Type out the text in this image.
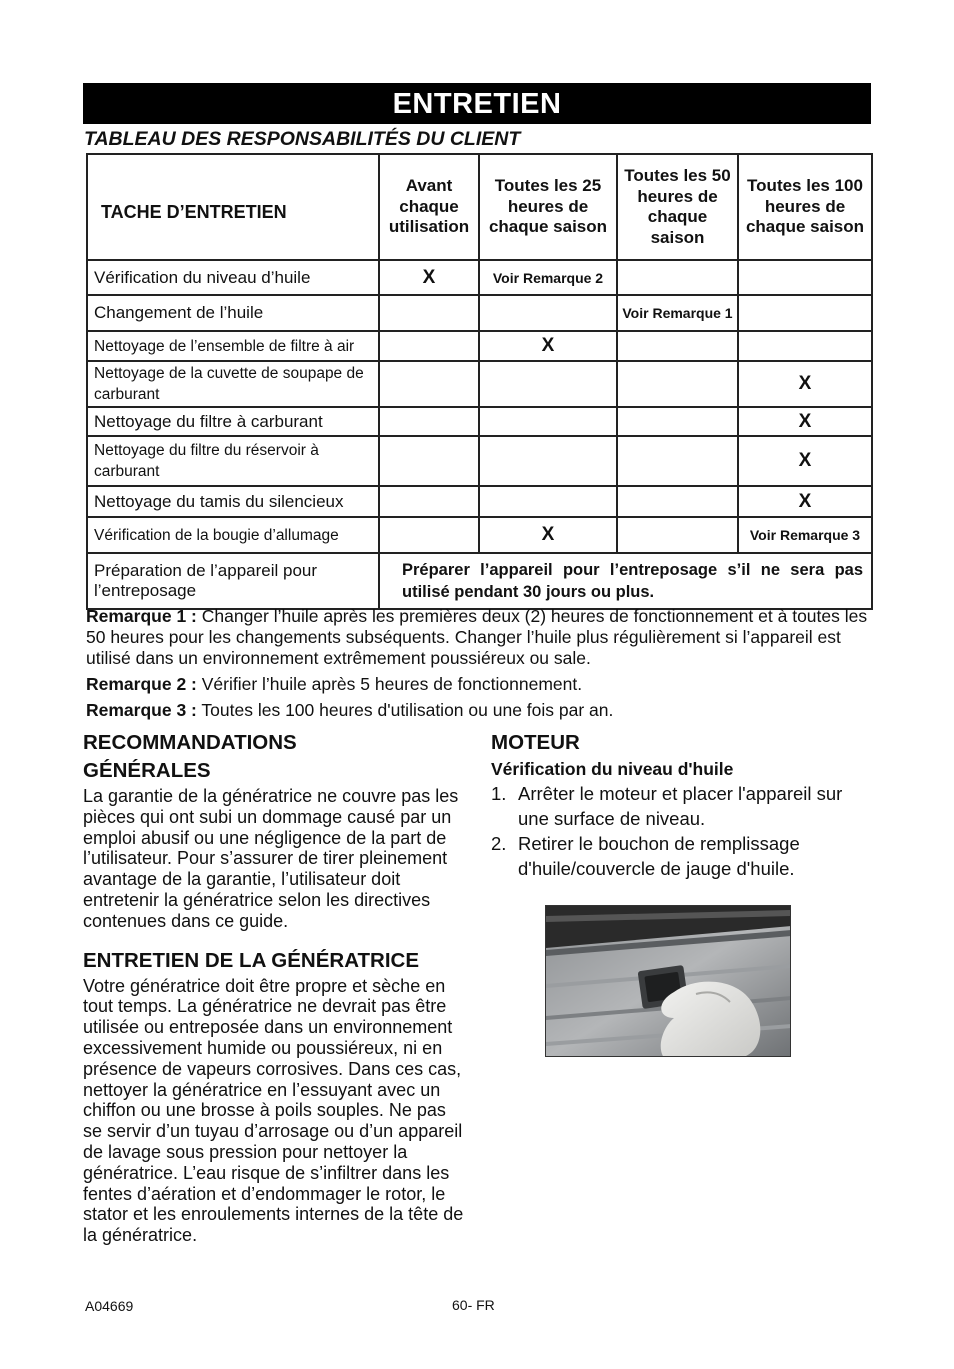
ENTRETIEN
TABLEAU DES RESPONSABILITÉS DU CLIENT
TACHE D’ENTRETIEN	Avant chaque utilisation	Toutes les 25 heures de chaque saison	Toutes les 50 heures de chaque saison	Toutes les 100 heures de chaque saison
Vérification du niveau d’huile	X	Voir Remarque 2		
Changement de l’huile			Voir Remarque 1	
Nettoyage de l’ensemble de filtre à air		X		
Nettoyage de la cuvette de soupape de carburant				X
Nettoyage du filtre à carburant				X
Nettoyage du filtre du réservoir à carburant				X
Nettoyage du tamis du silencieux				X
Vérification de la bougie d’allumage		X		Voir Remarque 3
Préparation de l’appareil pour l’entreposage	Préparer l’appareil pour l’entreposage s’il ne sera pas utilisé pendant 30 jours ou plus.			

Remarque 1 : Changer l’huile après les premières deux (2) heures de fonctionnement et à toutes les 50 heures pour les changements subséquents. Changer l’huile plus régulièrement si l’appareil est utilisé dans un environnement extrêmement poussiéreux ou sale.

Remarque 2 : Vérifier l’huile après 5 heures de fonctionnement.

Remarque 3 : Toutes les 100 heures d'utilisation ou une fois par an.

RECOMMANDATIONS
GÉNÉRALES

La garantie de la génératrice ne couvre pas les pièces qui ont subi un dommage causé par un emploi abusif ou une négligence de la part de l’utilisateur. Pour s’assurer de tirer pleinement avantage de la garantie, l’utilisateur doit entretenir la génératrice selon les directives contenues dans ce guide.

ENTRETIEN DE LA GÉNÉRATRICE

Votre génératrice doit être propre et sèche en tout temps. La génératrice ne devrait pas être utilisée ou entreposée dans un environnement excessivement humide ou poussiéreux, ni en présence de vapeurs corrosives. Dans ces cas, nettoyer la génératrice en l’essuyant avec un chiffon ou une brosse à poils souples. Ne pas se servir d’un tuyau d’arrosage ou d’un appareil de lavage sous pression pour nettoyer la génératrice. L’eau risque de s’infiltrer dans les fentes d’aération et d’endommager le rotor, le stator et les enroulements internes de la tête de la génératrice.

MOTEUR
Vérification du niveau d'huile
1. Arrêter le moteur et placer l'appareil sur une surface de niveau.
2. Retirer le bouchon de remplissage d'huile/couvercle de jauge d'huile.
A04669	60- FR
